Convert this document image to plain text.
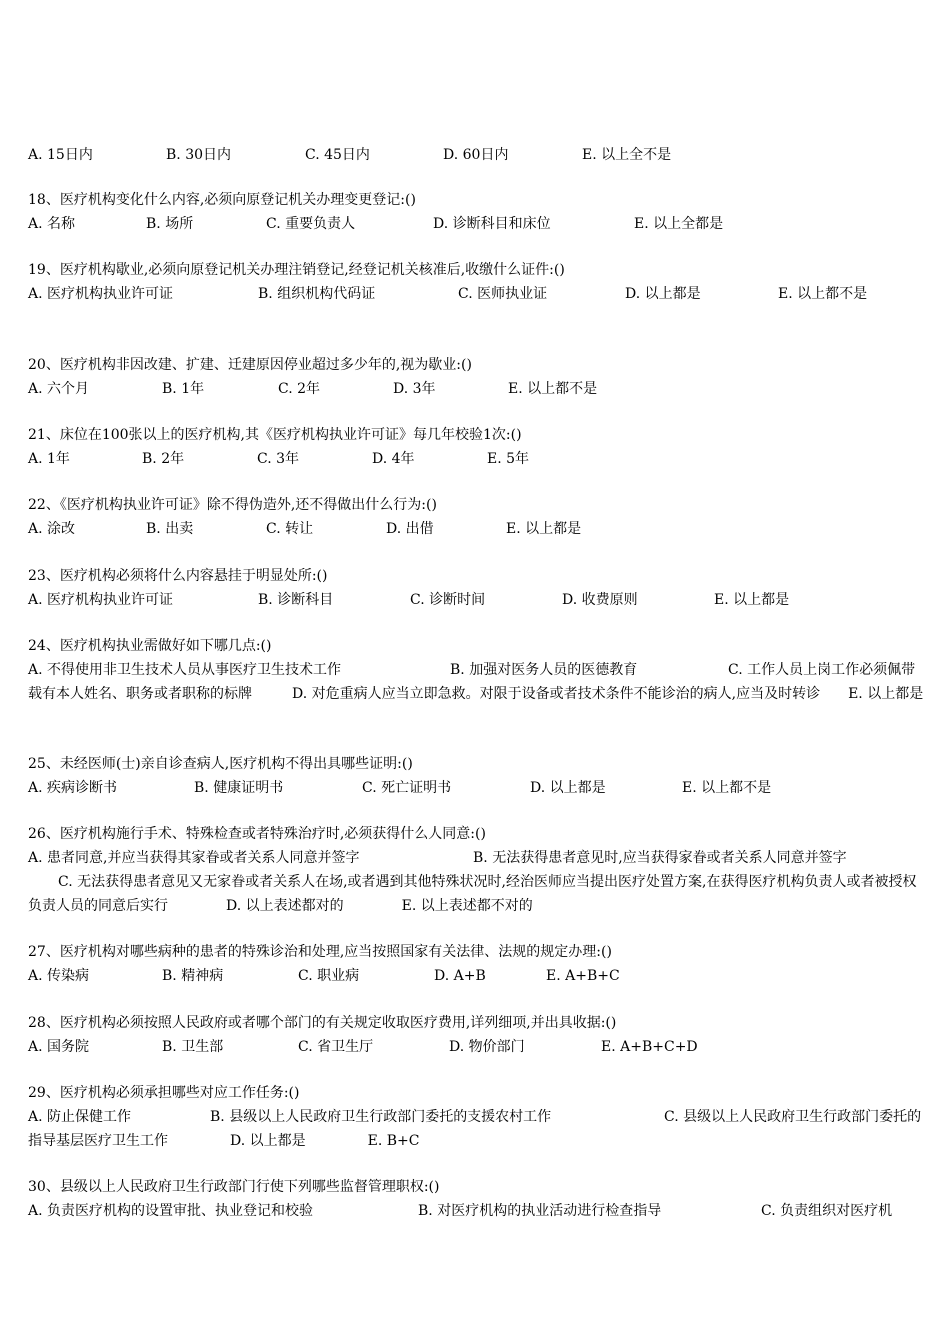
A. 15日内	B. 30日内	C. 45日内	D. 60日内	E. 以上全不是
18、医疗机构变化什么内容,必须向原登记机关办理变更登记:()
A. 名称	B. 场所	C. 重要负责人	D. 诊断科目和床位	E. 以上全都是
19、医疗机构歇业,必须向原登记机关办理注销登记,经登记机关核准后,收缴什么证件:()
A. 医疗机构执业许可证	B. 组织机构代码证	C. 医师执业证	D. 以上都是	E. 以上都不是
20、医疗机构非因改建、扩建、迁建原因停业超过多少年的,视为歇业:()
A. 六个月	B. 1年	C. 2年	D. 3年	E. 以上都不是
21、床位在100张以上的医疗机构,其《医疗机构执业许可证》每几年校验1次:()
A. 1年	B. 2年	C. 3年	D. 4年	E. 5年
22、《医疗机构执业许可证》除不得伪造外,还不得做出什么行为:()
A. 涂改	B. 出卖	C. 转让	D. 出借	E. 以上都是
23、医疗机构必须将什么内容悬挂于明显处所:()
A. 医疗机构执业许可证	B. 诊断科目	C. 诊断时间	D. 收费原则	E. 以上都是
24、医疗机构执业需做好如下哪几点:()
A. 不得使用非卫生技术人员从事医疗卫生技术工作	B. 加强对医务人员的医德教育	C. 工作人员上岗工作必须佩带载有本人姓名、职务或者职称的标牌	D. 对危重病人应当立即急救。对限于设备或者技术条件不能诊治的病人,应当及时转诊 E. 以上都是
25、未经医师(士)亲自诊查病人,医疗机构不得出具哪些证明:()
A. 疾病诊断书	B. 健康证明书	C. 死亡证明书	D. 以上都是	E. 以上都不是
26、医疗机构施行手术、特殊检查或者特殊治疗时,必须获得什么人同意:()
A. 患者同意,并应当获得其家眷或者关系人同意并签字	B. 无法获得患者意见时,应当获得家眷或者关系人同意并签字
C. 无法获得患者意见又无家眷或者关系人在场,或者遇到其他特殊状况时,经治医师应当提出医疗处置方案,在获得医疗机构负责人或者被授权负责人员的同意后实行	D. 以上表述都对的	E. 以上表述都不对的
27、医疗机构对哪些病种的患者的特殊诊治和处理,应当按照国家有关法律、法规的规定办理:()
A. 传染病	B. 精神病	C. 职业病	D. A+B	E. A+B+C
28、医疗机构必须按照人民政府或者哪个部门的有关规定收取医疗费用,详列细项,并出具收据:()
A. 国务院	B. 卫生部	C. 省卫生厅	D. 物价部门	E. A+B+C+D
29、医疗机构必须承担哪些对应工作任务:()
A. 防止保健工作	B. 县级以上人民政府卫生行政部门委托的支援农村工作	C. 县级以上人民政府卫生行政部门委托的指导基层医疗卫生工作	D. 以上都是	E. B+C
30、县级以上人民政府卫生行政部门行使下列哪些监督管理职权:()
A. 负责医疗机构的设置审批、执业登记和校验	B. 对医疗机构的执业活动进行检查指导	C. 负责组织对医疗机
